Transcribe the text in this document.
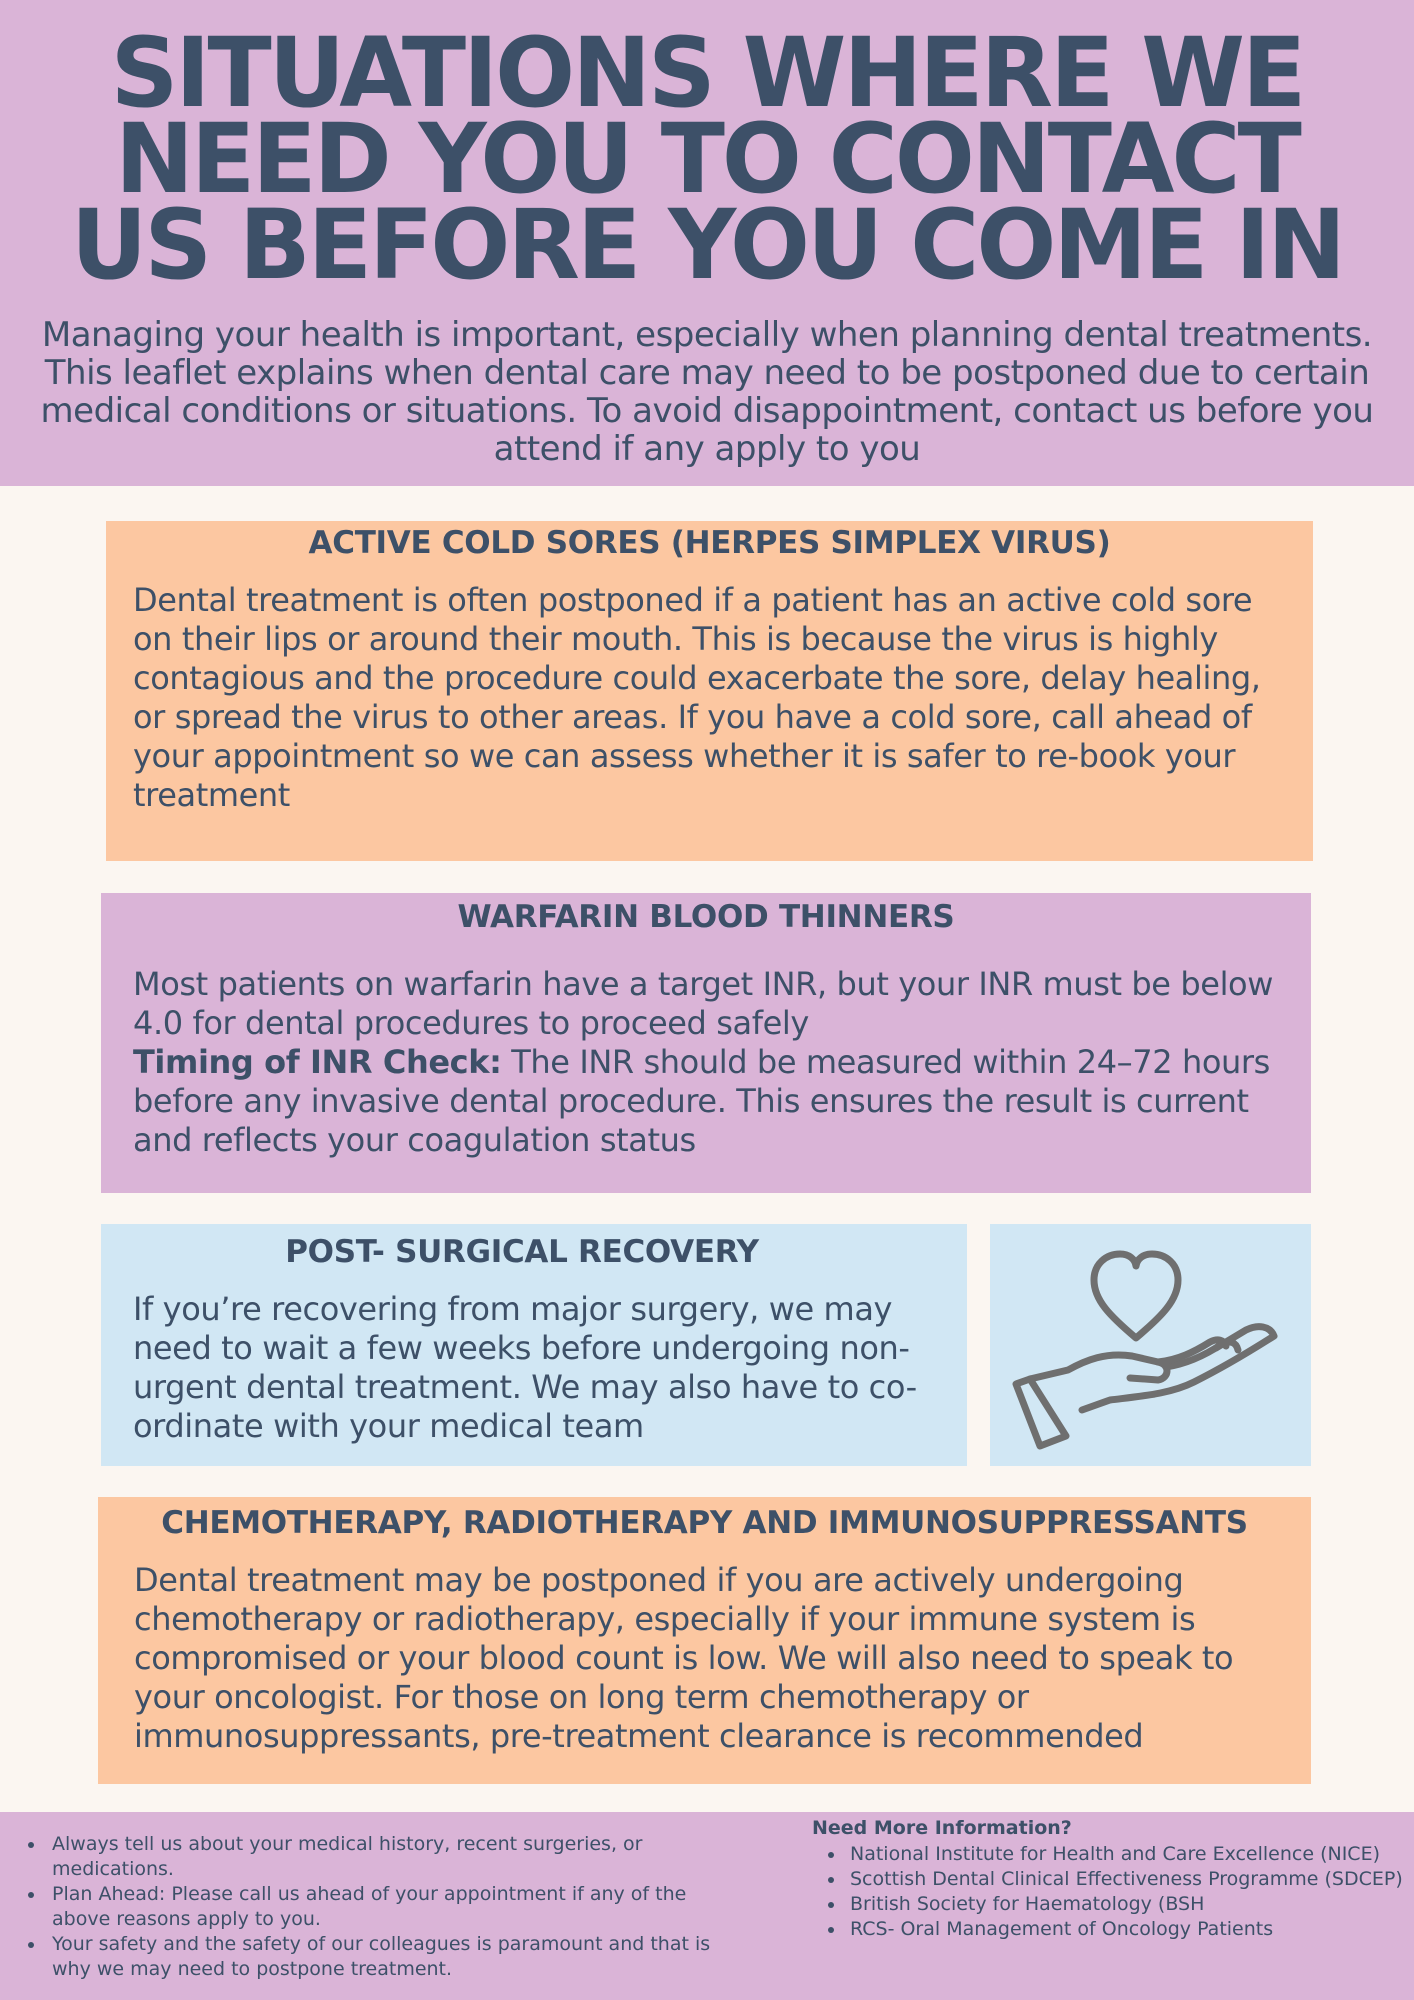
SITUATIONS WHERE WE
NEED YOU TO CONTACT
US BEFORE YOU COME IN

Managing your health is important, especially when planning dental treatments. This leaflet explains when dental care may need to be postponed due to certain medical conditions or situations. To avoid disappointment, contact us before you attend if any apply to you

ACTIVE COLD SORES (HERPES SIMPLEX VIRUS)

Dental treatment is often postponed if a patient has an active cold sore on their lips or around their mouth. This is because the virus is highly contagious and the procedure could exacerbate the sore, delay healing, or spread the virus to other areas. If you have a cold sore, call ahead of your appointment so we can assess whether it is safer to re-book your treatment

WARFARIN BLOOD THINNERS

Most patients on warfarin have a target INR, but your INR must be below 4.0 for dental procedures to proceed safely

Timing of INR Check: The INR should be measured within 24–72 hours before any invasive dental procedure. This ensures the result is current and reflects your coagulation status

POST- SURGICAL RECOVERY

If you’re recovering from major surgery, we may need to wait a few weeks before undergoing non-urgent dental treatment. We may also have to co-ordinate with your medical team

CHEMOTHERAPY, RADIOTHERAPY AND IMMUNOSUPPRESSANTS

Dental treatment may be postponed if you are actively undergoing chemotherapy or radiotherapy, especially if your immune system is compromised or your blood count is low. We will also need to speak to your oncologist. For those on long term chemotherapy or immunosuppressants, pre-treatment clearance is recommended

Always tell us about your medical history, recent surgeries, or medications.
Plan Ahead: Please call us ahead of your appointment if any of the above reasons apply to you.
Your safety and the safety of our colleagues is paramount and that is why we may need to postpone treatment.
Need More Information?
National Institute for Health and Care Excellence (NICE)
Scottish Dental Clinical Effectiveness Programme (SDCEP)
British Society for Haematology (BSH
RCS- Oral Management of Oncology Patients
